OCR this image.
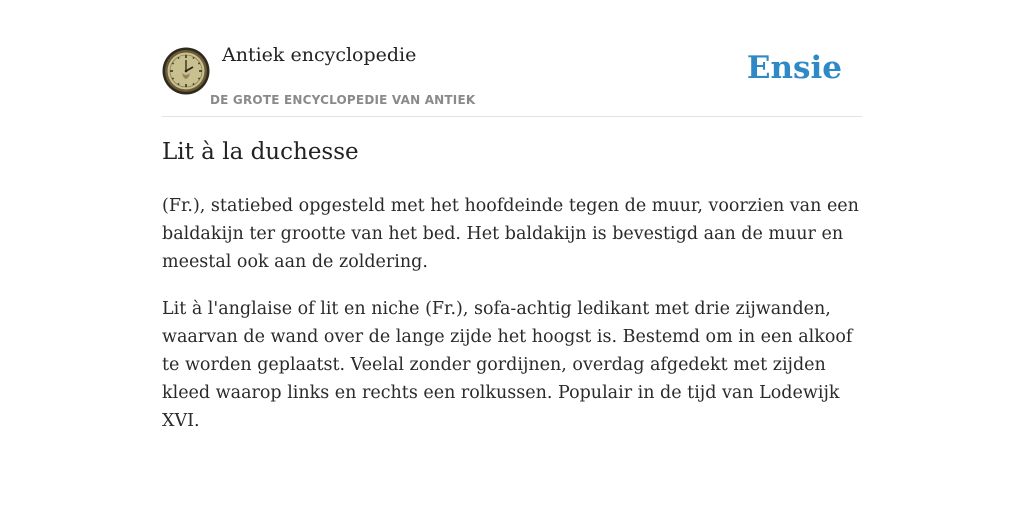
Antiek encyclopedie
DE GROTE ENCYCLOPEDIE VAN ANTIEK
Ensie
Lit à la duchesse

(Fr.), statiebed opgesteld met het hoofdeinde tegen de muur, voorzien van een baldakijn ter grootte van het bed. Het baldakijn is bevestigd aan de muur en meestal ook aan de zoldering.

Lit à l'anglaise of lit en niche (Fr.), sofa-achtig ledikant met drie zijwanden, waarvan de wand over de lange zijde het hoogst is. Bestemd om in een alkoof te worden geplaatst. Veelal zonder gordijnen, overdag afgedekt met zijden kleed waarop links en rechts een rolkussen. Populair in de tijd van Lodewijk XVI.
